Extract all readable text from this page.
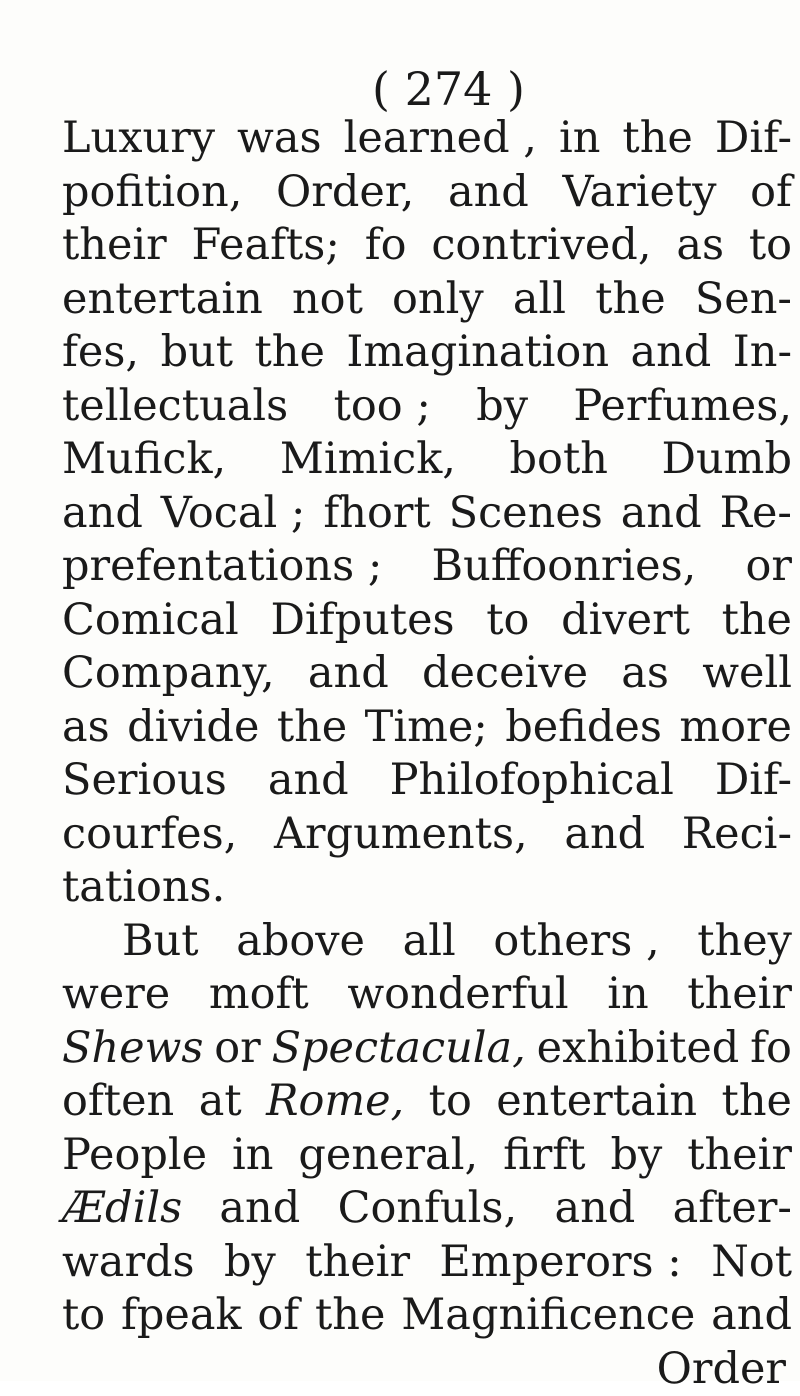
( 274 )
Luxury was learned , in the Dif-
pofition, Order, and Variety of
their Feafts; fo contrived, as to
entertain not only all the Sen-
fes, but the Imagination and In-
tellectuals too ; by Perfumes,
Mufick, Mimick, both Dumb
and Vocal ; fhort Scenes and Re-
prefentations ; Buffoonries, or
Comical Difputes to divert the
Company, and deceive as well
as divide the Time; befides more
Serious and Philofophical Dif-
courfes, Arguments, and Reci-
tations.
But above all others , they
were moft wonderful in their
Shews or Spectacula, exhibited fo
often at Rome, to entertain the
People in general, firft by their
Ædils and Confuls, and after-
wards by their Emperors : Not
to fpeak of the Magnificence and
Order
